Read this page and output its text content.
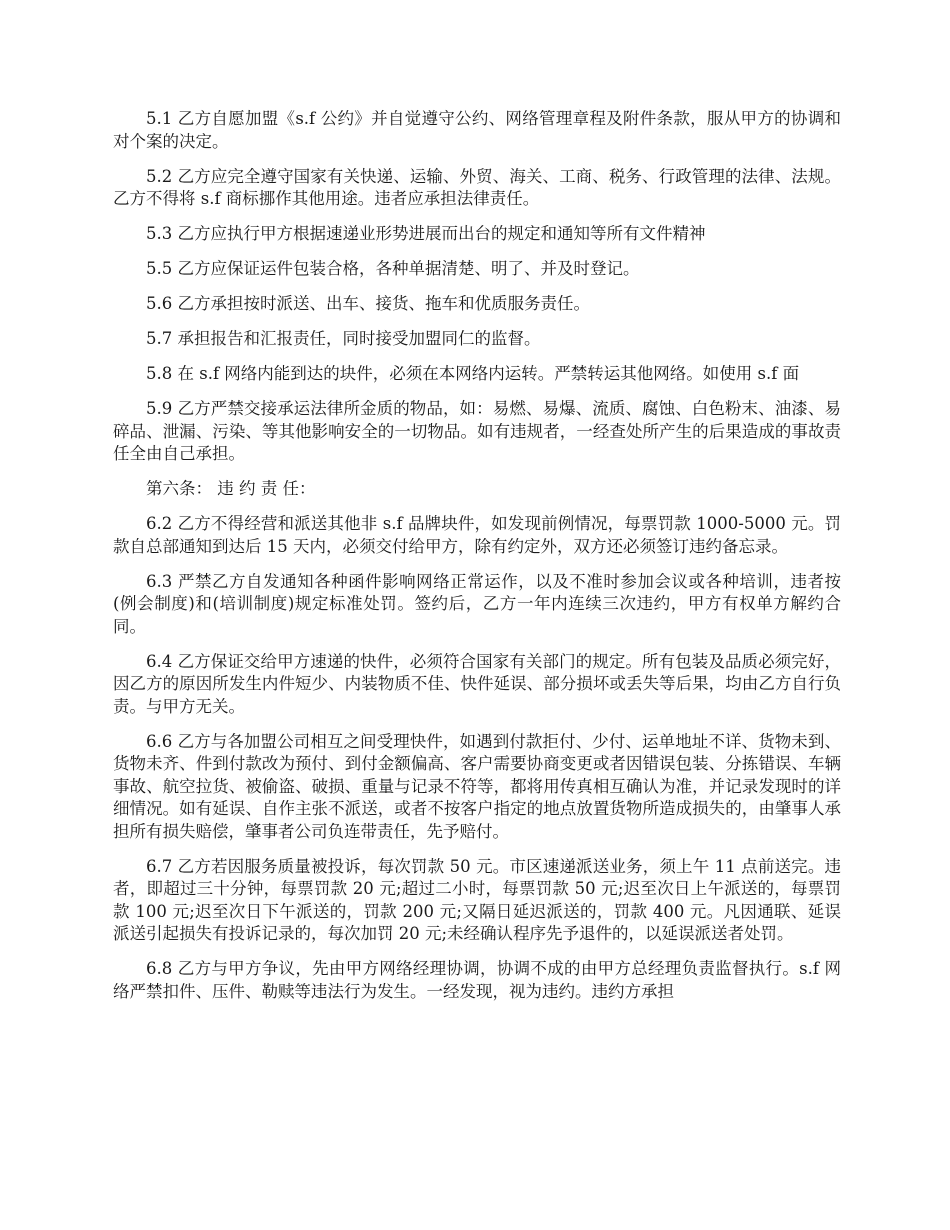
5.1 乙方自愿加盟《s.f 公约》并自觉遵守公约、网络管理章程及附件条款，服从甲方的协调和对个案的决定。

5.2 乙方应完全遵守国家有关快递、运输、外贸、海关、工商、税务、行政管理的法律、法规。乙方不得将 s.f 商标挪作其他用途。违者应承担法律责任。

5.3 乙方应执行甲方根据速递业形势进展而出台的规定和通知等所有文件精神

5.5 乙方应保证运件包装合格，各种单据清楚、明了、并及时登记。

5.6 乙方承担按时派送、出车、接货、拖车和优质服务责任。

5.7 承担报告和汇报责任，同时接受加盟同仁的监督。

5.8 在 s.f 网络内能到达的块件，必须在本网络内运转。严禁转运其他网络。如使用 s.f 面

5.9 乙方严禁交接承运法律所金质的物品，如：易燃、易爆、流质、腐蚀、白色粉末、油漆、易碎品、泄漏、污染、等其他影响安全的一切物品。如有违规者，一经查处所产生的后果造成的事故责任全由自己承担。

第六条： 违 约 责 任：

6.2 乙方不得经营和派送其他非 s.f 品牌块件，如发现前例情况，每票罚款 1000-5000 元。罚款自总部通知到达后 15 天内，必须交付给甲方，除有约定外，双方还必须签订违约备忘录。

6.3 严禁乙方自发通知各种函件影响网络正常运作，以及不准时参加会议或各种培训，违者按(例会制度)和(培训制度)规定标准处罚。签约后，乙方一年内连续三次违约，甲方有权单方解约合同。

6.4 乙方保证交给甲方速递的快件，必须符合国家有关部门的规定。所有包装及品质必须完好，因乙方的原因所发生内件短少、内装物质不佳、快件延误、部分损坏或丢失等后果，均由乙方自行负责。与甲方无关。

6.6 乙方与各加盟公司相互之间受理快件，如遇到付款拒付、少付、运单地址不详、货物未到、货物未齐、件到付款改为预付、到付金额偏高、客户需要协商变更或者因错误包装、分拣错误、车辆事故、航空拉货、被偷盗、破损、重量与记录不符等，都将用传真相互确认为准，并记录发现时的详细情况。如有延误、自作主张不派送，或者不按客户指定的地点放置货物所造成损失的，由肇事人承担所有损失赔偿，肇事者公司负连带责任，先予赔付。

6.7 乙方若因服务质量被投诉，每次罚款 50 元。市区速递派送业务，须上午 11 点前送完。违者，即超过三十分钟，每票罚款 20 元;超过二小时，每票罚款 50 元;迟至次日上午派送的，每票罚款 100 元;迟至次日下午派送的，罚款 200 元;又隔日延迟派送的，罚款 400 元。凡因通联、延误派送引起损失有投诉记录的，每次加罚 20 元;未经确认程序先予退件的，以延误派送者处罚。

6.8 乙方与甲方争议，先由甲方网络经理协调，协调不成的由甲方总经理负责监督执行。s.f 网络严禁扣件、压件、勒赎等违法行为发生。一经发现，视为违约。违约方承担
